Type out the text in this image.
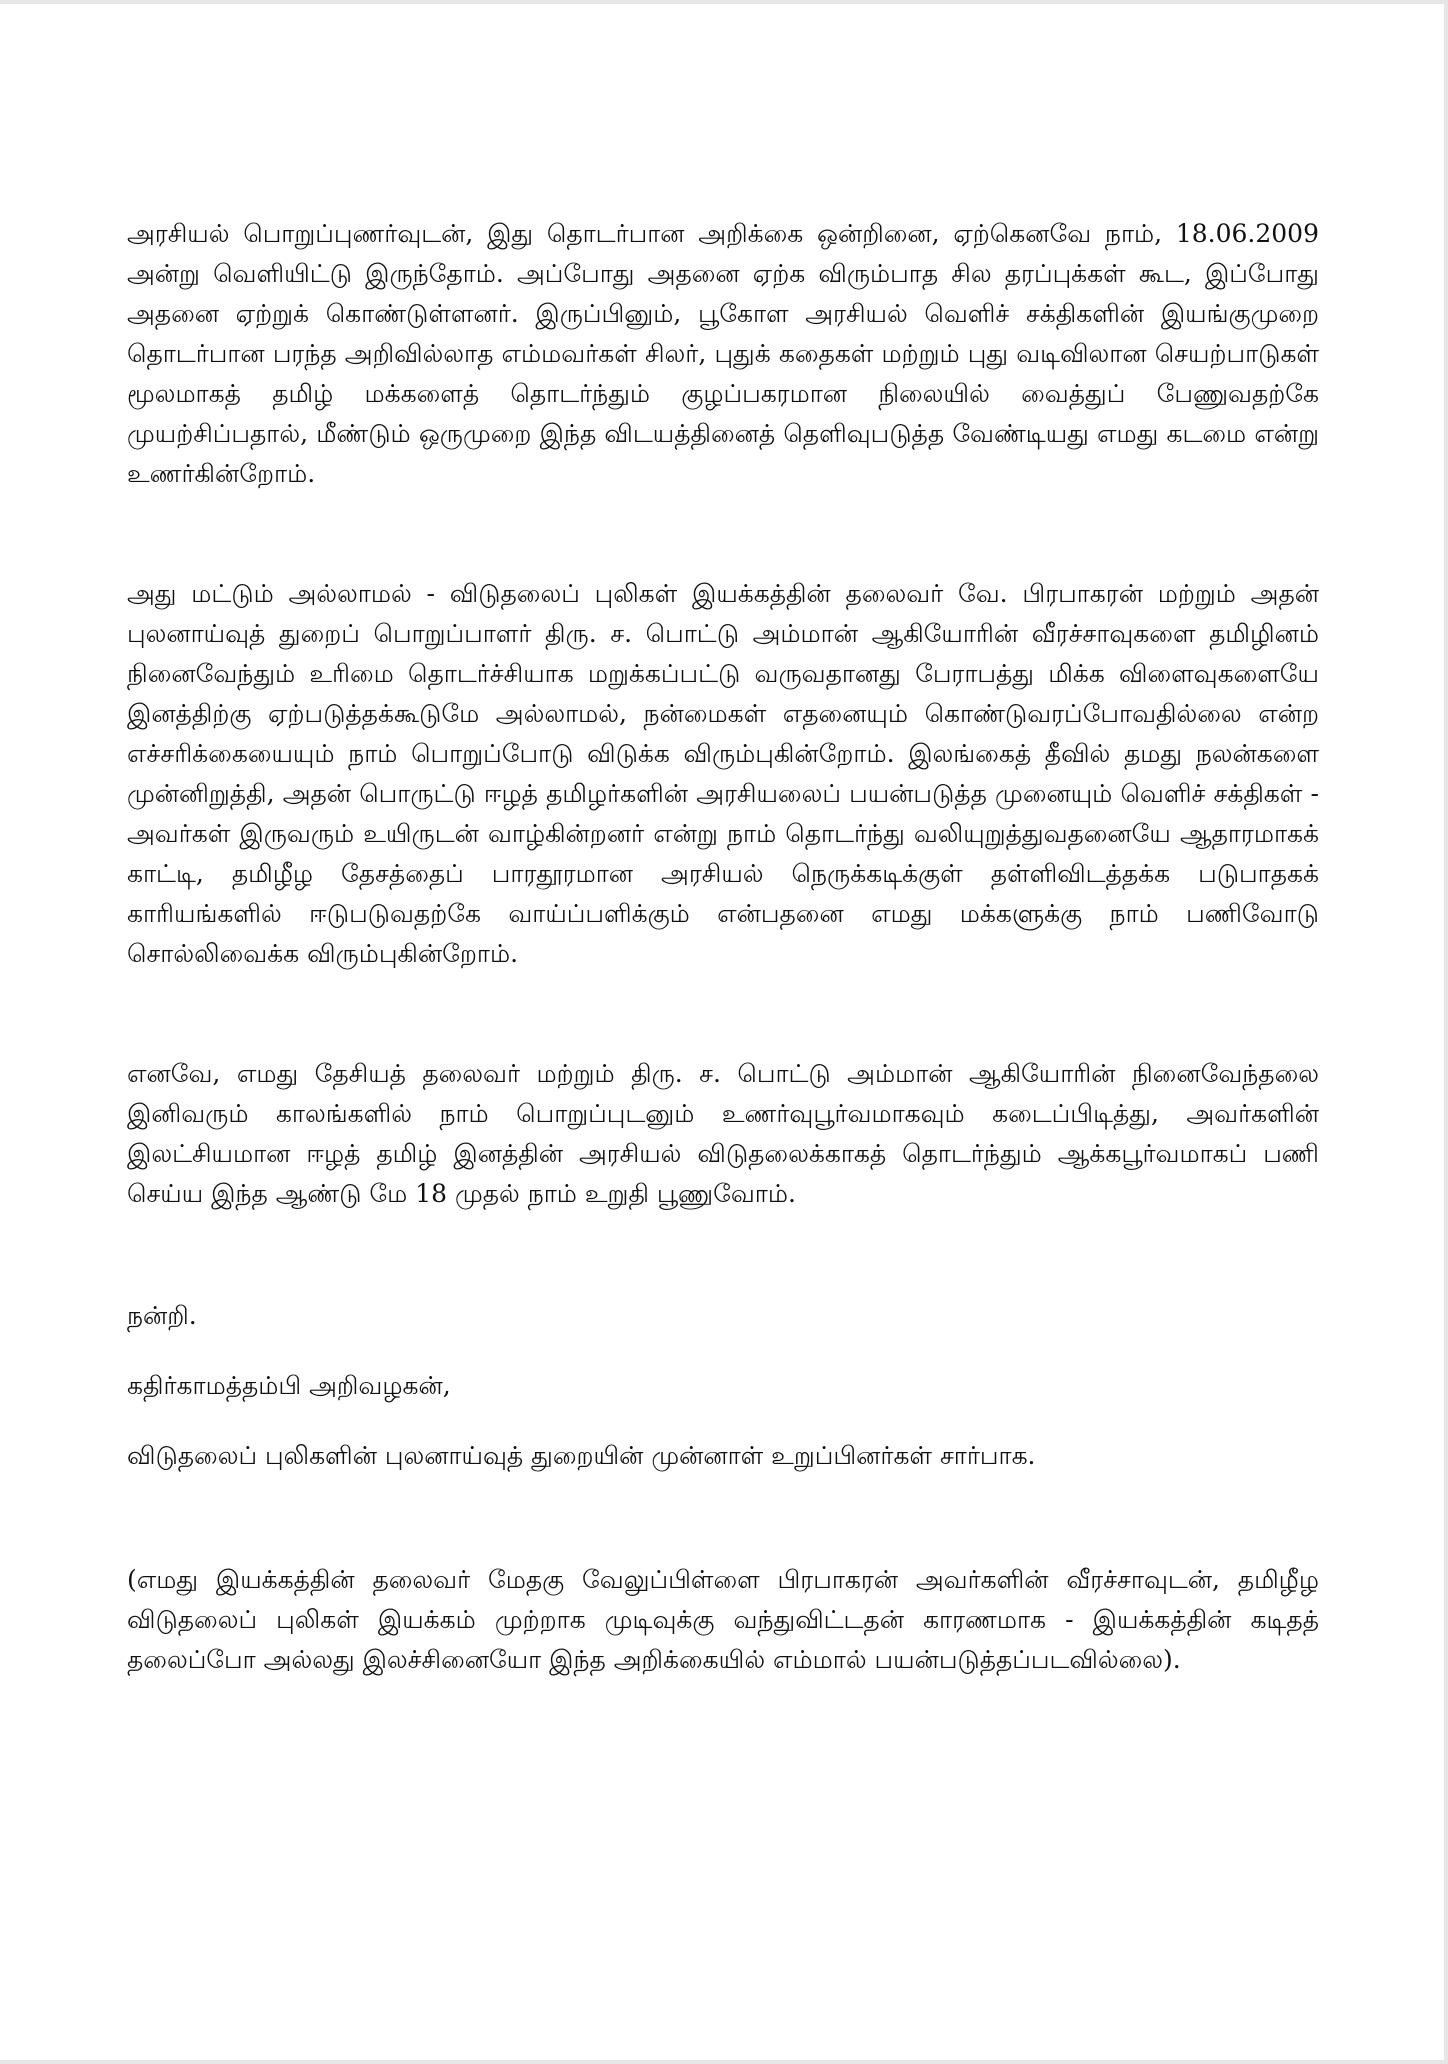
அரசியல் பொறுப்புணர்வுடன், இது தொடர்பான அறிக்கை ஒன்றினை, ஏற்கெனவே நாம், 18.06.2009 அன்று வெளியிட்டு இருந்தோம். அப்போது அதனை ஏற்க விரும்பாத சில தரப்புக்கள் கூட, இப்போது அதனை ஏற்றுக் கொண்டுள்ளனர். இருப்பினும், பூகோள அரசியல் வெளிச் சக்திகளின் இயங்குமுறை தொடர்பான பரந்த அறிவில்லாத எம்மவர்கள் சிலர், புதுக் கதைகள் மற்றும் புது வடிவிலான செயற்பாடுகள் மூலமாகத் தமிழ் மக்களைத் தொடர்ந்தும் குழப்பகரமான நிலையில் வைத்துப் பேணுவதற்கே முயற்சிப்பதால், மீண்டும் ஒருமுறை இந்த விடயத்தினைத் தெளிவுபடுத்த வேண்டியது எமது கடமை என்று உணர்கின்றோம்.

அது மட்டும் அல்லாமல் - விடுதலைப் புலிகள் இயக்கத்தின் தலைவர் வே. பிரபாகரன் மற்றும் அதன் புலனாய்வுத் துறைப் பொறுப்பாளர் திரு. ச. பொட்டு அம்மான் ஆகியோரின் வீரச்சாவுகளை தமிழினம் நினைவேந்தும் உரிமை தொடர்ச்சியாக மறுக்கப்பட்டு வருவதானது பேராபத்து மிக்க விளைவுகளையே இனத்திற்கு ஏற்படுத்தக்கூடுமே அல்லாமல், நன்மைகள் எதனையும் கொண்டுவரப்போவதில்லை என்ற எச்சரிக்கையையும் நாம் பொறுப்போடு விடுக்க விரும்புகின்றோம். இலங்கைத் தீவில் தமது நலன்களை முன்னிறுத்தி, அதன் பொருட்டு ஈழத் தமிழர்களின் அரசியலைப் பயன்படுத்த முனையும் வெளிச் சக்திகள் - அவர்கள் இருவரும் உயிருடன் வாழ்கின்றனர் என்று நாம் தொடர்ந்து வலியுறுத்துவதனையே ஆதாரமாகக் காட்டி, தமிழீழ தேசத்தைப் பாரதூரமான அரசியல் நெருக்கடிக்குள் தள்ளிவிடத்தக்க படுபாதகக் காரியங்களில் ஈடுபடுவதற்கே வாய்ப்பளிக்கும் என்பதனை எமது மக்களுக்கு நாம் பணிவோடு சொல்லிவைக்க விரும்புகின்றோம்.

எனவே, எமது தேசியத் தலைவர் மற்றும் திரு. ச. பொட்டு அம்மான் ஆகியோரின் நினைவேந்தலை இனிவரும் காலங்களில் நாம் பொறுப்புடனும் உணர்வுபூர்வமாகவும் கடைப்பிடித்து, அவர்களின் இலட்சியமான ஈழத் தமிழ் இனத்தின் அரசியல் விடுதலைக்காகத் தொடர்ந்தும் ஆக்கபூர்வமாகப் பணி செய்ய இந்த ஆண்டு மே 18 முதல் நாம் உறுதி பூணுவோம்.

நன்றி.

கதிர்காமத்தம்பி அறிவழகன்,

விடுதலைப் புலிகளின் புலனாய்வுத் துறையின் முன்னாள் உறுப்பினர்கள் சார்பாக.

(எமது இயக்கத்தின் தலைவர் மேதகு வேலுப்பிள்ளை பிரபாகரன் அவர்களின் வீரச்சாவுடன், தமிழீழ விடுதலைப் புலிகள் இயக்கம் முற்றாக முடிவுக்கு வந்துவிட்டதன் காரணமாக - இயக்கத்தின் கடிதத் தலைப்போ அல்லது இலச்சினையோ இந்த அறிக்கையில் எம்மால் பயன்படுத்தப்படவில்லை).
